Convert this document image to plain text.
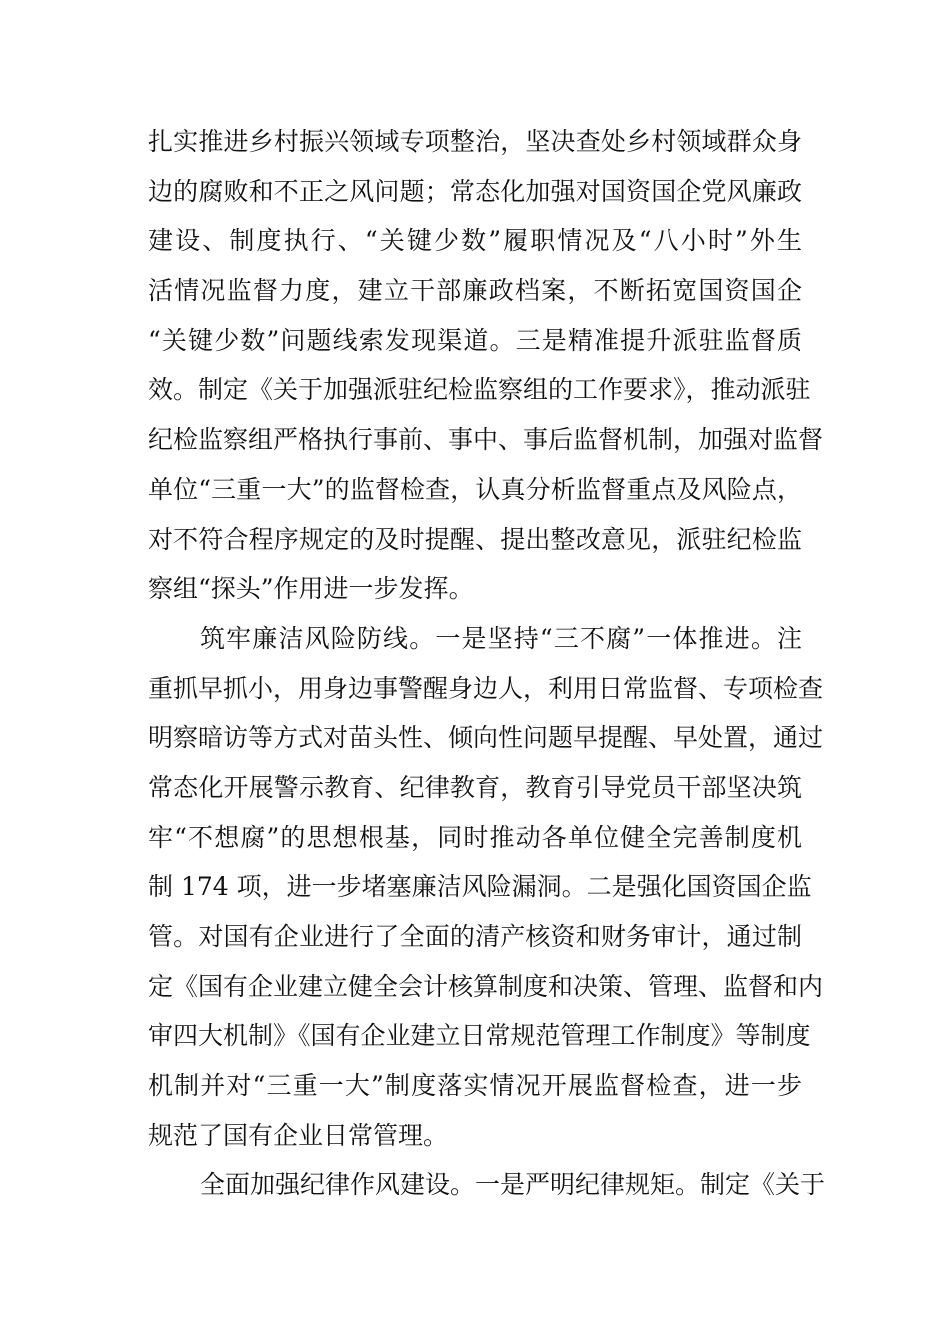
扎实推进乡村振兴领域专项整治，坚决查处乡村领域群众身
边的腐败和不正之风问题；常态化加强对国资国企党风廉政
建设、制度执行、“关键少数”履职情况及“八小时”外生
活情况监督力度，建立干部廉政档案，不断拓宽国资国企
“关键少数”问题线索发现渠道。三是精准提升派驻监督质
效。制定《关于加强派驻纪检监察组的工作要求》，推动派驻
纪检监察组严格执行事前、事中、事后监督机制，加强对监督
单位“三重一大”的监督检查，认真分析监督重点及风险点，
对不符合程序规定的及时提醒、提出整改意见，派驻纪检监
察组“探头”作用进一步发挥。
筑牢廉洁风险防线。一是坚持“三不腐”一体推进。注
重抓早抓小，用身边事警醒身边人，利用日常监督、专项检查
明察暗访等方式对苗头性、倾向性问题早提醒、早处置，通过
常态化开展警示教育、纪律教育，教育引导党员干部坚决筑
牢“不想腐”的思想根基，同时推动各单位健全完善制度机
制 174 项，进一步堵塞廉洁风险漏洞。二是强化国资国企监
管。对国有企业进行了全面的清产核资和财务审计，通过制
定《国有企业建立健全会计核算制度和决策、管理、监督和内
审四大机制》《国有企业建立日常规范管理工作制度》等制度
机制并对“三重一大”制度落实情况开展监督检查，进一步
规范了国有企业日常管理。
全面加强纪律作风建设。一是严明纪律规矩。制定《关于
